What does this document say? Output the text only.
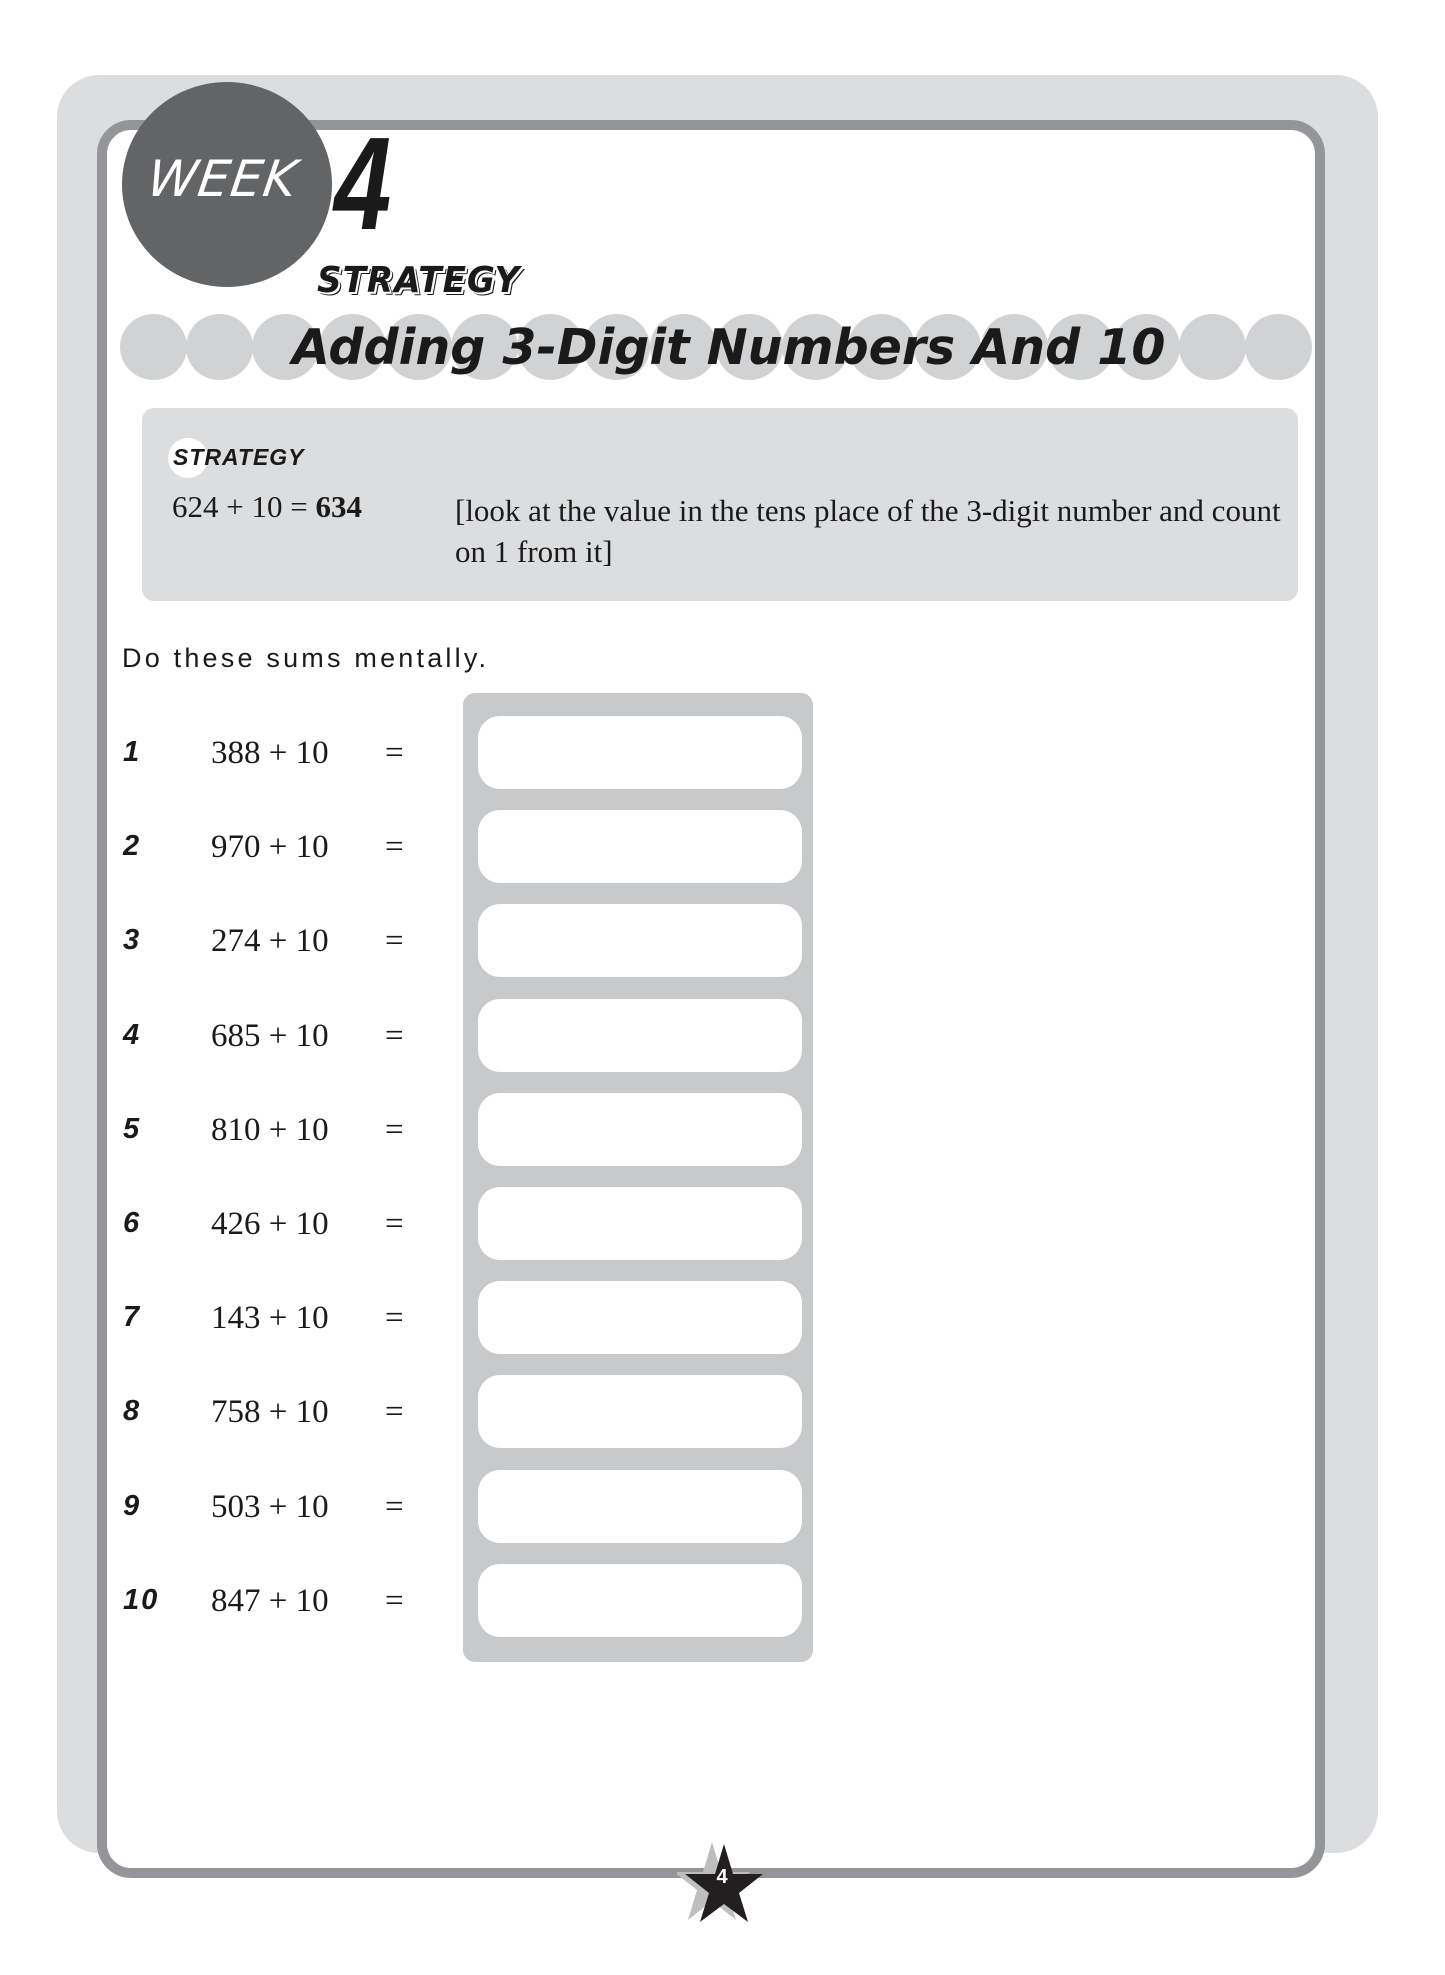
WEEK 4
STRATEGY
Adding 3-Digit Numbers And 10
STRATEGY
624 + 10 = 634	[look at the value in the tens place of the 3-digit number and count on 1 from it]
Do these sums mentally.
1 388 + 10 =
2 970 + 10 =
3 274 + 10 =
4 685 + 10 =
5 810 + 10 =
6 426 + 10 =
7 143 + 10 =
8 758 + 10 =
9 503 + 10 =
10 847 + 10 =
4
